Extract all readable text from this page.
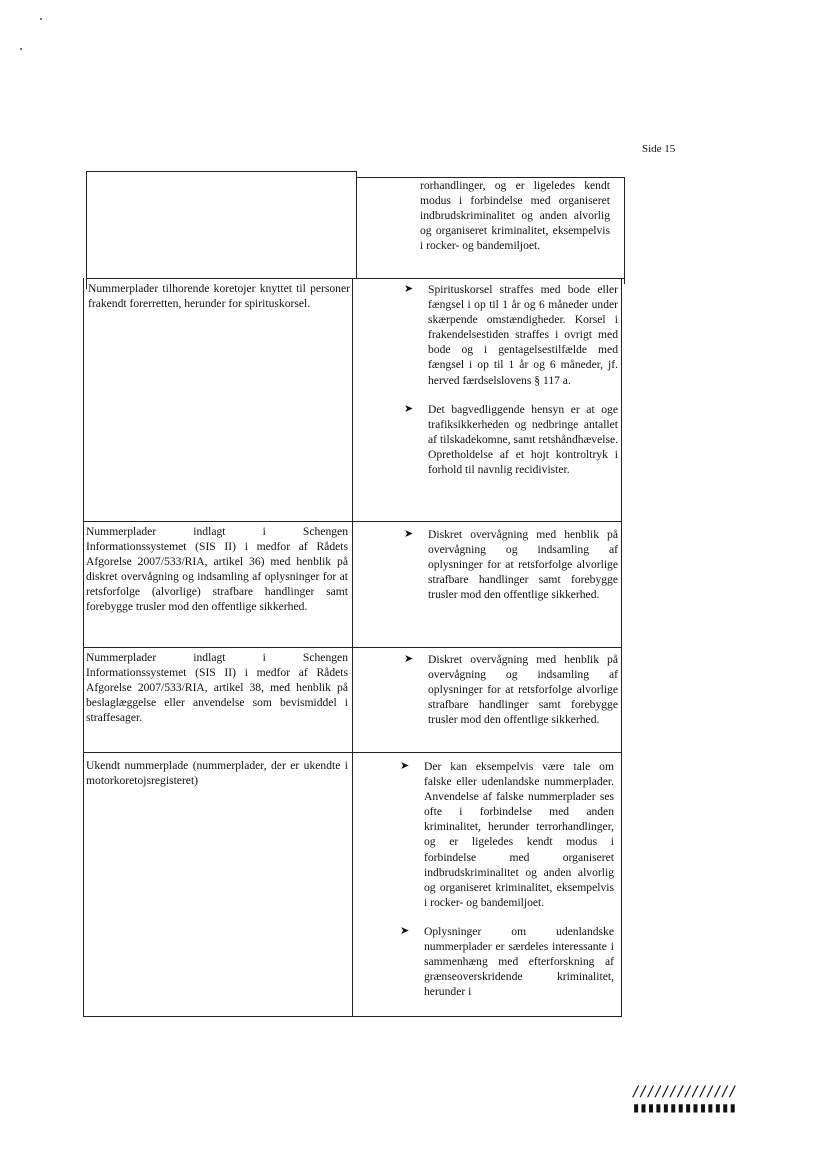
Side 15
rorhandlinger, og er ligeledes kendt modus i forbindelse med organiseret indbrudskriminalitet og anden alvorlig og organiseret kriminalitet, eksempelvis i rocker- og bandemiljoet.
Nummerplader tilhorende koretojer knyttet til personer frakendt forerretten, herunder for spirituskorsel.
➤ Spirituskorsel straffes med bode eller fængsel i op til 1 år og 6 måneder under skærpende omstændigheder. Korsel i frakendelsestiden straffes i ovrigt med bode og i gentagelsestilfælde med fængsel i op til 1 år og 6 måneder, jf. herved færdselslovens § 117 a.
➤ Det bagvedliggende hensyn er at oge trafiksikkerheden og nedbringe antallet af tilskadekomne, samt retshåndhævelse. Opretholdelse af et hojt kontroltryk i forhold til navnlig recidivister.
Nummerplader indlagt i Schengen Informationssystemet (SIS II) i medfor af Rådets Afgorelse 2007/533/RIA, artikel 36) med henblik på diskret overvågning og indsamling af oplysninger for at retsforfolge (alvorlige) strafbare handlinger samt forebygge trusler mod den offentlige sikkerhed.
➤ Diskret overvågning med henblik på overvågning og indsamling af oplysninger for at retsforfolge alvorlige strafbare handlinger samt forebygge trusler mod den offentlige sikkerhed.
Nummerplader indlagt i Schengen Informationssystemet (SIS II) i medfor af Rådets Afgorelse 2007/533/RIA, artikel 38, med henblik på beslaglæggelse eller anvendelse som bevismiddel i straffesager.
➤ Diskret overvågning med henblik på overvågning og indsamling af oplysninger for at retsforfolge alvorlige strafbare handlinger samt forebygge trusler mod den offentlige sikkerhed.
Ukendt nummerplade (nummerplader, der er ukendte i motorkoretojsregisteret)
➤ Der kan eksempelvis være tale om falske eller udenlandske nummerplader. Anvendelse af falske nummerplader ses ofte i forbindelse med anden kriminalitet, herunder terrorhandlinger, og er ligeledes kendt modus i forbindelse med organiseret indbrudskriminalitet og anden alvorlig og organiseret kriminalitet, eksempelvis i rocker- og bandemiljoet.
➤ Oplysninger om udenlandske nummerplader er særdeles interessante i sammenhæng med efterforskning af grænseoverskridende kriminalitet, herunder i
//////////////
▮▮▮▮▮▮▮▮▮▮▮▮▮▮
